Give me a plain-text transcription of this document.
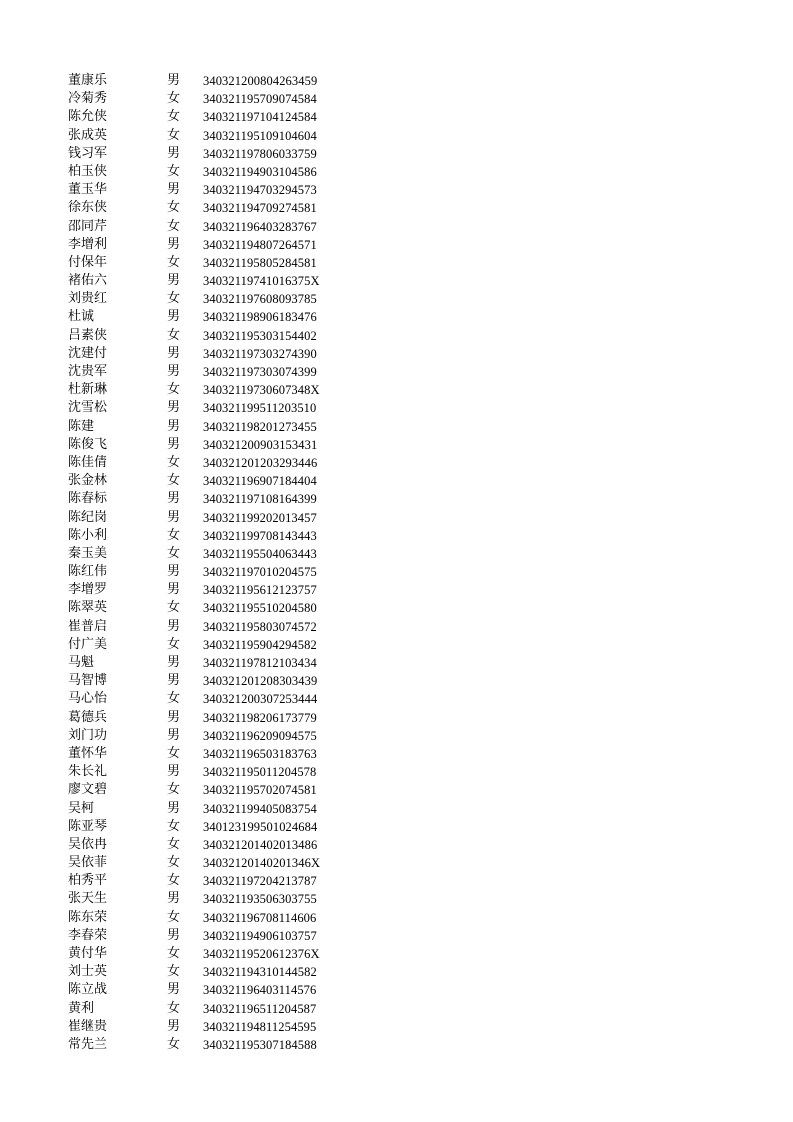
董康乐	男	340321200804263459
冷菊秀	女	340321195709074584
陈允侠	女	340321197104124584
张成英	女	340321195109104604
钱习军	男	340321197806033759
柏玉侠	女	340321194903104586
董玉华	男	340321194703294573
徐东侠	女	340321194709274581
邵同芹	女	340321196403283767
李增利	男	340321194807264571
付保年	女	340321195805284581
褚佑六	男	34032119741016375X
刘贵红	女	340321197608093785
杜诚	男	340321198906183476
吕素侠	女	340321195303154402
沈建付	男	340321197303274390
沈贵军	男	340321197303074399
杜新琳	女	34032119730607348X
沈雪松	男	340321199511203510
陈建	男	340321198201273455
陈俊飞	男	340321200903153431
陈佳倩	女	340321201203293446
张金林	女	340321196907184404
陈春标	男	340321197108164399
陈纪岗	男	340321199202013457
陈小利	女	340321199708143443
秦玉美	女	340321195504063443
陈红伟	男	340321197010204575
李增罗	男	340321195612123757
陈翠英	女	340321195510204580
崔普启	男	340321195803074572
付广美	女	340321195904294582
马魁	男	340321197812103434
马智博	男	340321201208303439
马心怡	女	340321200307253444
葛德兵	男	340321198206173779
刘门功	男	340321196209094575
董怀华	女	340321196503183763
朱长礼	男	340321195011204578
廖文碧	女	340321195702074581
吴柯	男	340321199405083754
陈亚琴	女	340123199501024684
吴依冉	女	340321201402013486
吴依菲	女	34032120140201346X
柏秀平	女	340321197204213787
张天生	男	340321193506303755
陈东荣	女	340321196708114606
李春荣	男	340321194906103757
黄付华	女	34032119520612376X
刘士英	女	340321194310144582
陈立战	男	340321196403114576
黄利	女	340321196511204587
崔继贵	男	340321194811254595
常先兰	女	340321195307184588
